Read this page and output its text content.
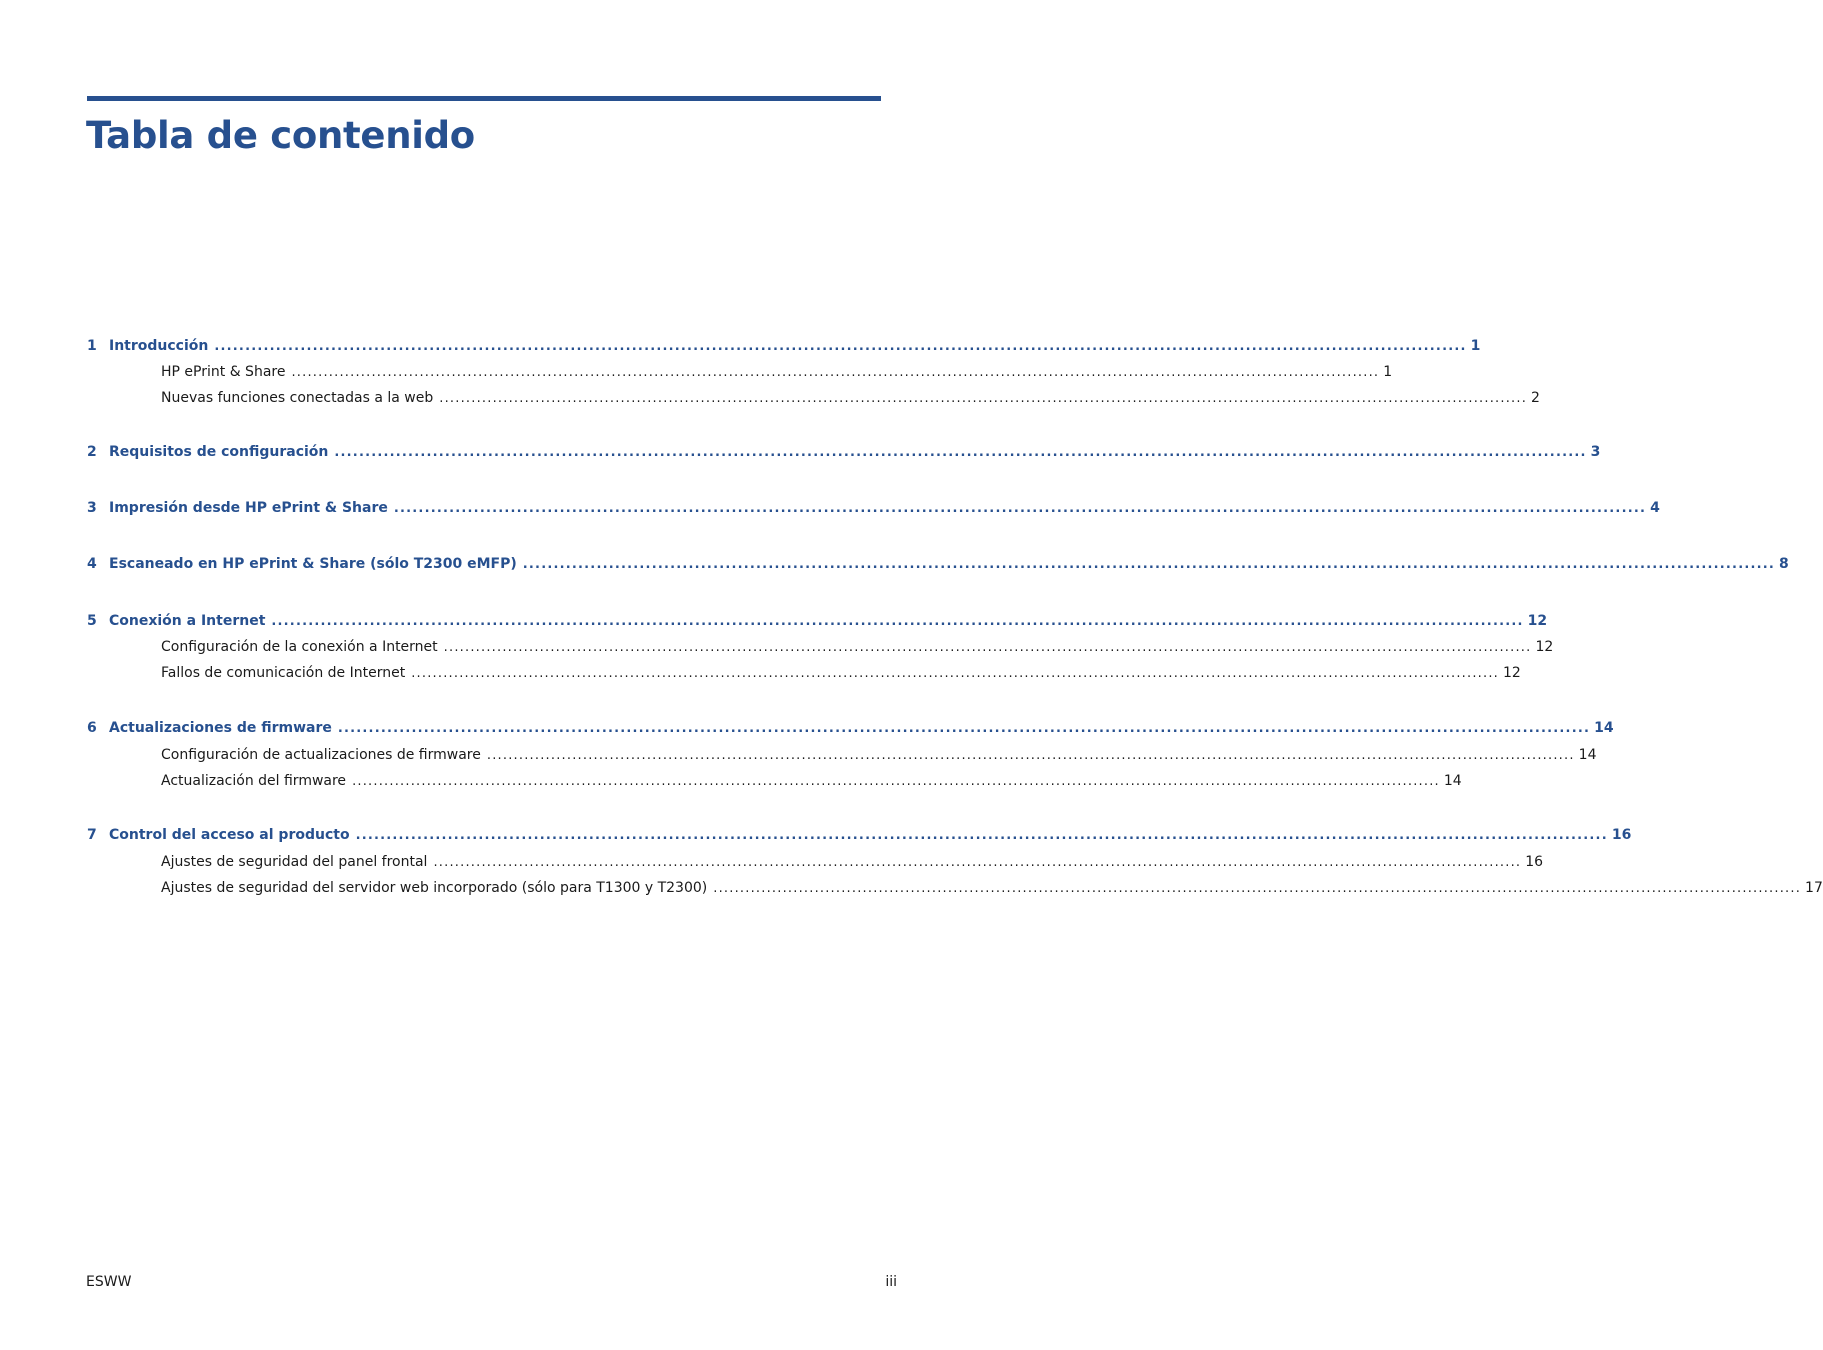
Tabla de contenido
1 Introducción ............................................................................................................................................................................................................ 1
HP ePrint & Share ............................................................................................................................................................................................................ 1
Nuevas funciones conectadas a la web ............................................................................................................................................................................................................ 2
2 Requisitos de configuración ............................................................................................................................................................................................................ 3
3 Impresión desde HP ePrint & Share ............................................................................................................................................................................................................ 4
4 Escaneado en HP ePrint & Share (sólo T2300 eMFP) ............................................................................................................................................................................................................ 8
5 Conexión a Internet ............................................................................................................................................................................................................ 12
Configuración de la conexión a Internet ............................................................................................................................................................................................................ 12
Fallos de comunicación de Internet ............................................................................................................................................................................................................ 12
6 Actualizaciones de firmware ............................................................................................................................................................................................................ 14
Configuración de actualizaciones de firmware ............................................................................................................................................................................................................ 14
Actualización del firmware ............................................................................................................................................................................................................ 14
7 Control del acceso al producto ............................................................................................................................................................................................................ 16
Ajustes de seguridad del panel frontal ............................................................................................................................................................................................................ 16
Ajustes de seguridad del servidor web incorporado (sólo para T1300 y T2300) ............................................................................................................................................................................................................ 17
ESWW	iii
